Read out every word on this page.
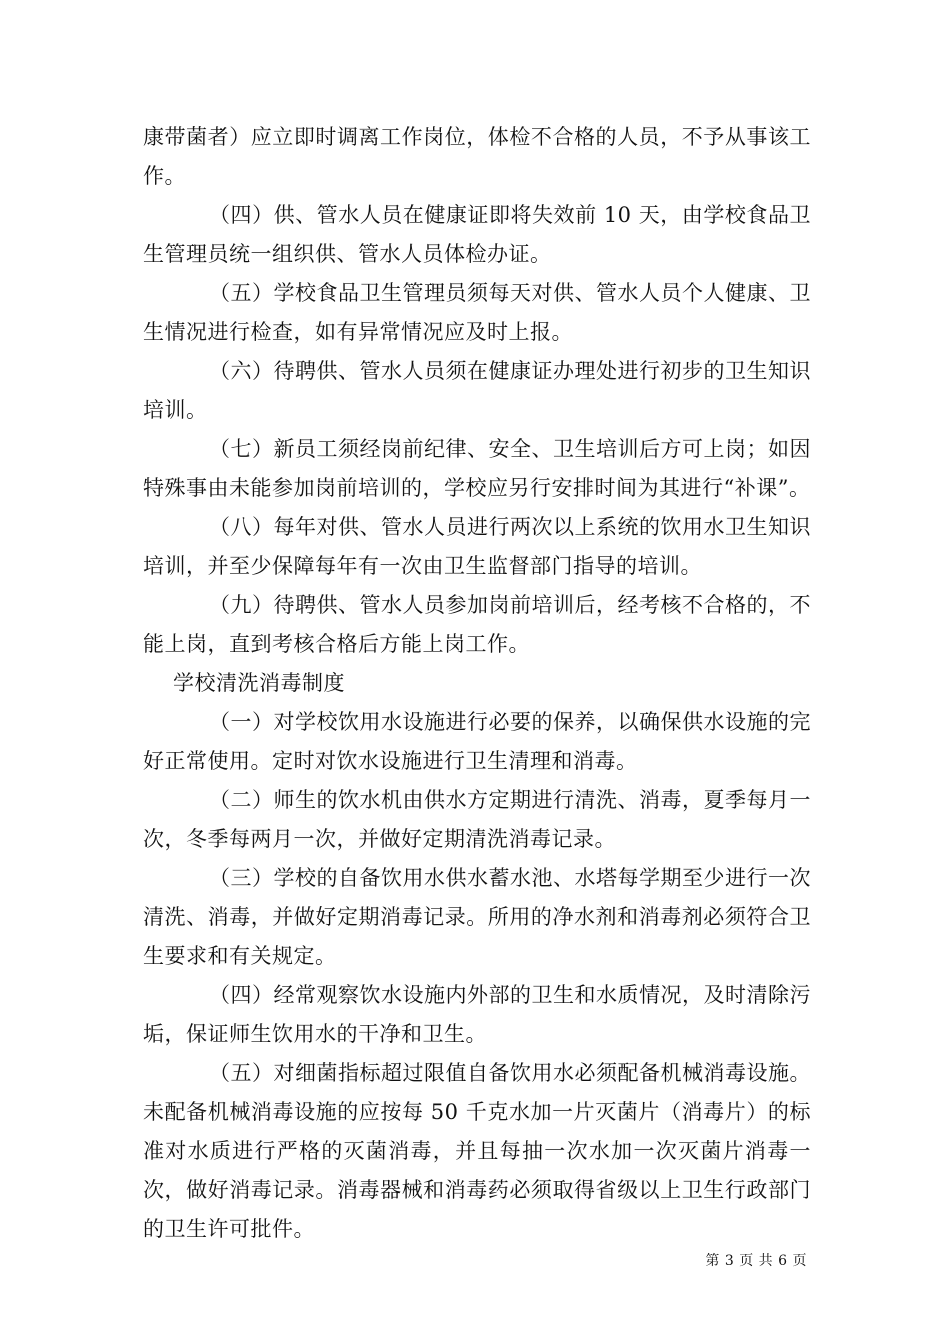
康带菌者）应立即时调离工作岗位，体检不合格的人员，不予从事该工作。

（四）供、管水人员在健康证即将失效前 10 天，由学校食品卫生管理员统一组织供、管水人员体检办证。

（五）学校食品卫生管理员须每天对供、管水人员个人健康、卫生情况进行检查，如有异常情况应及时上报。

（六）待聘供、管水人员须在健康证办理处进行初步的卫生知识培训。

（七）新员工须经岗前纪律、安全、卫生培训后方可上岗；如因特殊事由未能参加岗前培训的，学校应另行安排时间为其进行“补课”。

（八）每年对供、管水人员进行两次以上系统的饮用水卫生知识培训，并至少保障每年有一次由卫生监督部门指导的培训。

（九）待聘供、管水人员参加岗前培训后，经考核不合格的，不能上岗，直到考核合格后方能上岗工作。

学校清洗消毒制度

（一）对学校饮用水设施进行必要的保养，以确保供水设施的完好正常使用。定时对饮水设施进行卫生清理和消毒。

（二）师生的饮水机由供水方定期进行清洗、消毒，夏季每月一次，冬季每两月一次，并做好定期清洗消毒记录。

（三）学校的自备饮用水供水蓄水池、水塔每学期至少进行一次清洗、消毒，并做好定期消毒记录。所用的净水剂和消毒剂必须符合卫生要求和有关规定。

（四）经常观察饮水设施内外部的卫生和水质情况，及时清除污垢，保证师生饮用水的干净和卫生。

（五）对细菌指标超过限值自备饮用水必须配备机械消毒设施。未配备机械消毒设施的应按每 50 千克水加一片灭菌片（消毒片）的标准对水质进行严格的灭菌消毒，并且每抽一次水加一次灭菌片消毒一次，做好消毒记录。消毒器械和消毒药必须取得省级以上卫生行政部门的卫生许可批件。

第 3 页 共 6 页
